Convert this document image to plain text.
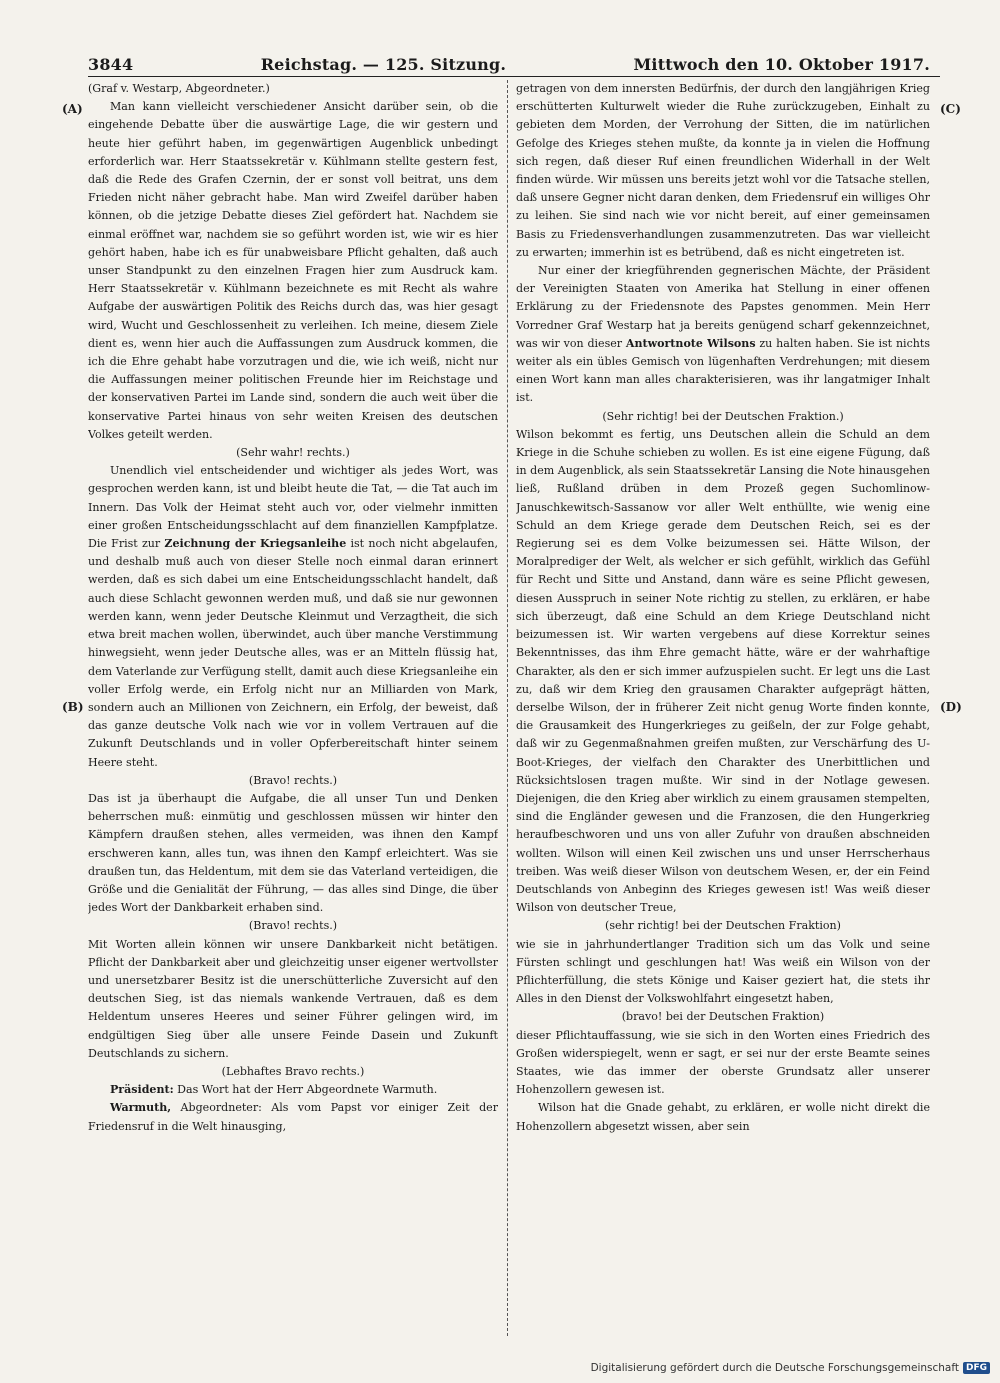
3844	Reichstag. — 125. Sitzung.	Mittwoch den 10. Oktober 1917.
(A)
(B)
(C)
(D)

(Graf v. Westarp, Abgeordneter.)

Man kann vielleicht verschiedener Ansicht darüber sein, ob die eingehende Debatte über die auswärtige Lage, die wir gestern und heute hier geführt haben, im gegenwärtigen Augenblick unbedingt erforderlich war. Herr Staatssekretär v. Kühlmann stellte gestern fest, daß die Rede des Grafen Czernin, der er sonst voll beitrat, uns dem Frieden nicht näher gebracht habe. Man wird Zweifel darüber haben können, ob die jetzige Debatte dieses Ziel gefördert hat. Nachdem sie einmal eröffnet war, nachdem sie so geführt worden ist, wie wir es hier gehört haben, habe ich es für unabweisbare Pflicht gehalten, daß auch unser Standpunkt zu den einzelnen Fragen hier zum Ausdruck kam. Herr Staatssekretär v. Kühlmann bezeichnete es mit Recht als wahre Aufgabe der auswärtigen Politik des Reichs durch das, was hier gesagt wird, Wucht und Geschlossenheit zu verleihen. Ich meine, diesem Ziele dient es, wenn hier auch die Auffassungen zum Ausdruck kommen, die ich die Ehre gehabt habe vorzutragen und die, wie ich weiß, nicht nur die Auffassungen meiner politischen Freunde hier im Reichstage und der konservativen Partei im Lande sind, sondern die auch weit über die konservative Partei hinaus von sehr weiten Kreisen des deutschen Volkes geteilt werden.

(Sehr wahr! rechts.)

Unendlich viel entscheidender und wichtiger als jedes Wort, was gesprochen werden kann, ist und bleibt heute die Tat, — die Tat auch im Innern. Das Volk der Heimat steht auch vor, oder vielmehr inmitten einer großen Entscheidungsschlacht auf dem finanziellen Kampfplatze. Die Frist zur Zeichnung der Kriegsanleihe ist noch nicht abgelaufen, und deshalb muß auch von dieser Stelle noch einmal daran erinnert werden, daß es sich dabei um eine Entscheidungsschlacht handelt, daß auch diese Schlacht gewonnen werden muß, und daß sie nur gewonnen werden kann, wenn jeder Deutsche Kleinmut und Verzagtheit, die sich etwa breit machen wollen, überwindet, auch über manche Verstimmung hinwegsieht, wenn jeder Deutsche alles, was er an Mitteln flüssig hat, dem Vaterlande zur Verfügung stellt, damit auch diese Kriegsanleihe ein voller Erfolg werde, ein Erfolg nicht nur an Milliarden von Mark, sondern auch an Millionen von Zeichnern, ein Erfolg, der beweist, daß das ganze deutsche Volk nach wie vor in vollem Vertrauen auf die Zukunft Deutschlands und in voller Opferbereitschaft hinter seinem Heere steht.

(Bravo! rechts.)

Das ist ja überhaupt die Aufgabe, die all unser Tun und Denken beherrschen muß: einmütig und geschlossen müssen wir hinter den Kämpfern draußen stehen, alles vermeiden, was ihnen den Kampf erschweren kann, alles tun, was ihnen den Kampf erleichtert. Was sie draußen tun, das Heldentum, mit dem sie das Vaterland verteidigen, die Größe und die Genialität der Führung, — das alles sind Dinge, die über jedes Wort der Dankbarkeit erhaben sind.

(Bravo! rechts.)

Mit Worten allein können wir unsere Dankbarkeit nicht betätigen. Pflicht der Dankbarkeit aber und gleichzeitig unser eigener wertvollster und unersetzbarer Besitz ist die unerschütterliche Zuversicht auf den deutschen Sieg, ist das niemals wankende Vertrauen, daß es dem Heldentum unseres Heeres und seiner Führer gelingen wird, im endgültigen Sieg über alle unsere Feinde Dasein und Zukunft Deutschlands zu sichern.

(Lebhaftes Bravo rechts.)

Präsident: Das Wort hat der Herr Abgeordnete Warmuth.

Warmuth, Abgeordneter: Als vom Papst vor einiger Zeit der Friedensruf in die Welt hinausging,

getragen von dem innersten Bedürfnis, der durch den langjährigen Krieg erschütterten Kulturwelt wieder die Ruhe zurückzugeben, Einhalt zu gebieten dem Morden, der Verrohung der Sitten, die im natürlichen Gefolge des Krieges stehen mußte, da konnte ja in vielen die Hoffnung sich regen, daß dieser Ruf einen freundlichen Widerhall in der Welt finden würde. Wir müssen uns bereits jetzt wohl vor die Tatsache stellen, daß unsere Gegner nicht daran denken, dem Friedensruf ein williges Ohr zu leihen. Sie sind nach wie vor nicht bereit, auf einer gemeinsamen Basis zu Friedensverhandlungen zusammenzutreten. Das war vielleicht zu erwarten; immerhin ist es betrübend, daß es nicht eingetreten ist.

Nur einer der kriegführenden gegnerischen Mächte, der Präsident der Vereinigten Staaten von Amerika hat Stellung in einer offenen Erklärung zu der Friedensnote des Papstes genommen. Mein Herr Vorredner Graf Westarp hat ja bereits genügend scharf gekennzeichnet, was wir von dieser Antwortnote Wilsons zu halten haben. Sie ist nichts weiter als ein übles Gemisch von lügenhaften Verdrehungen; mit diesem einen Wort kann man alles charakterisieren, was ihr langatmiger Inhalt ist.

(Sehr richtig! bei der Deutschen Fraktion.)

Wilson bekommt es fertig, uns Deutschen allein die Schuld an dem Kriege in die Schuhe schieben zu wollen. Es ist eine eigene Fügung, daß in dem Augenblick, als sein Staatssekretär Lansing die Note hinausgehen ließ, Rußland drüben in dem Prozeß gegen Suchomlinow-Januschkewitsch-Sassanow vor aller Welt enthüllte, wie wenig eine Schuld an dem Kriege gerade dem Deutschen Reich, sei es der Regierung sei es dem Volke beizumessen sei. Hätte Wilson, der Moralprediger der Welt, als welcher er sich gefühlt, wirklich das Gefühl für Recht und Sitte und Anstand, dann wäre es seine Pflicht gewesen, diesen Ausspruch in seiner Note richtig zu stellen, zu erklären, er habe sich überzeugt, daß eine Schuld an dem Kriege Deutschland nicht beizumessen ist. Wir warten vergebens auf diese Korrektur seines Bekenntnisses, das ihm Ehre gemacht hätte, wäre er der wahrhaftige Charakter, als den er sich immer aufzuspielen sucht. Er legt uns die Last zu, daß wir dem Krieg den grausamen Charakter aufgeprägt hätten, derselbe Wilson, der in früherer Zeit nicht genug Worte finden konnte, die Grausamkeit des Hungerkrieges zu geißeln, der zur Folge gehabt, daß wir zu Gegenmaßnahmen greifen mußten, zur Verschärfung des U-Boot-Krieges, der vielfach den Charakter des Unerbittlichen und Rücksichtslosen tragen mußte. Wir sind in der Notlage gewesen. Diejenigen, die den Krieg aber wirklich zu einem grausamen stempelten, sind die Engländer gewesen und die Franzosen, die den Hungerkrieg heraufbeschworen und uns von aller Zufuhr von draußen abschneiden wollten. Wilson will einen Keil zwischen uns und unser Herrscherhaus treiben. Was weiß dieser Wilson von deutschem Wesen, er, der ein Feind Deutschlands von Anbeginn des Krieges gewesen ist! Was weiß dieser Wilson von deutscher Treue,

(sehr richtig! bei der Deutschen Fraktion)

wie sie in jahrhundertlanger Tradition sich um das Volk und seine Fürsten schlingt und geschlungen hat! Was weiß ein Wilson von der Pflichterfüllung, die stets Könige und Kaiser geziert hat, die stets ihr Alles in den Dienst der Volkswohlfahrt eingesetzt haben,

(bravo! bei der Deutschen Fraktion)

dieser Pflichtauffassung, wie sie sich in den Worten eines Friedrich des Großen widerspiegelt, wenn er sagt, er sei nur der erste Beamte seines Staates, wie das immer der oberste Grundsatz aller unserer Hohenzollern gewesen ist.

Wilson hat die Gnade gehabt, zu erklären, er wolle nicht direkt die Hohenzollern abgesetzt wissen, aber sein

Digitalisierung gefördert durch die Deutsche Forschungsgemeinschaft DFG
